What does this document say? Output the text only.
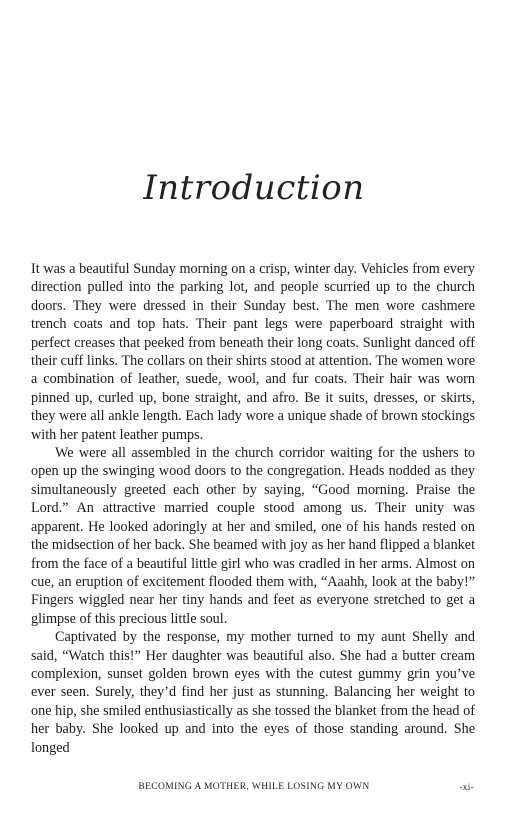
Introduction

It was a beautiful Sunday morning on a crisp, winter day. Vehicles from every direction pulled into the parking lot, and people scurried up to the church doors. They were dressed in their Sunday best. The men wore cashmere trench coats and top hats. Their pant legs were paperboard straight with perfect creases that peeked from beneath their long coats. Sunlight danced off their cuff links. The collars on their shirts stood at attention. The women wore a combination of leather, suede, wool, and fur coats. Their hair was worn pinned up, curled up, bone straight, and afro. Be it suits, dresses, or skirts, they were all ankle length. Each lady wore a unique shade of brown stockings with her patent leather pumps.

We were all assembled in the church corridor waiting for the ushers to open up the swinging wood doors to the congregation. Heads nodded as they simultaneously greeted each other by saying, “Good morning. Praise the Lord.” An attractive married couple stood among us. Their unity was apparent. He looked adoringly at her and smiled, one of his hands rested on the midsection of her back. She beamed with joy as her hand flipped a blanket from the face of a beautiful little girl who was cradled in her arms. Almost on cue, an eruption of excitement flooded them with, “Aaahh, look at the baby!” Fingers wiggled near her tiny hands and feet as everyone stretched to get a glimpse of this precious little soul.

Captivated by the response, my mother turned to my aunt Shelly and said, “Watch this!” Her daughter was beautiful also. She had a butter cream complexion, sunset golden brown eyes with the cutest gummy grin you’ve ever seen. Surely, they’d find her just as stunning. Balancing her weight to one hip, she smiled enthusiastically as she tossed the blanket from the head of her baby. She looked up and into the eyes of those standing around. She longed

BECOMING A MOTHER, WHILE LOSING MY OWN	-xi-
